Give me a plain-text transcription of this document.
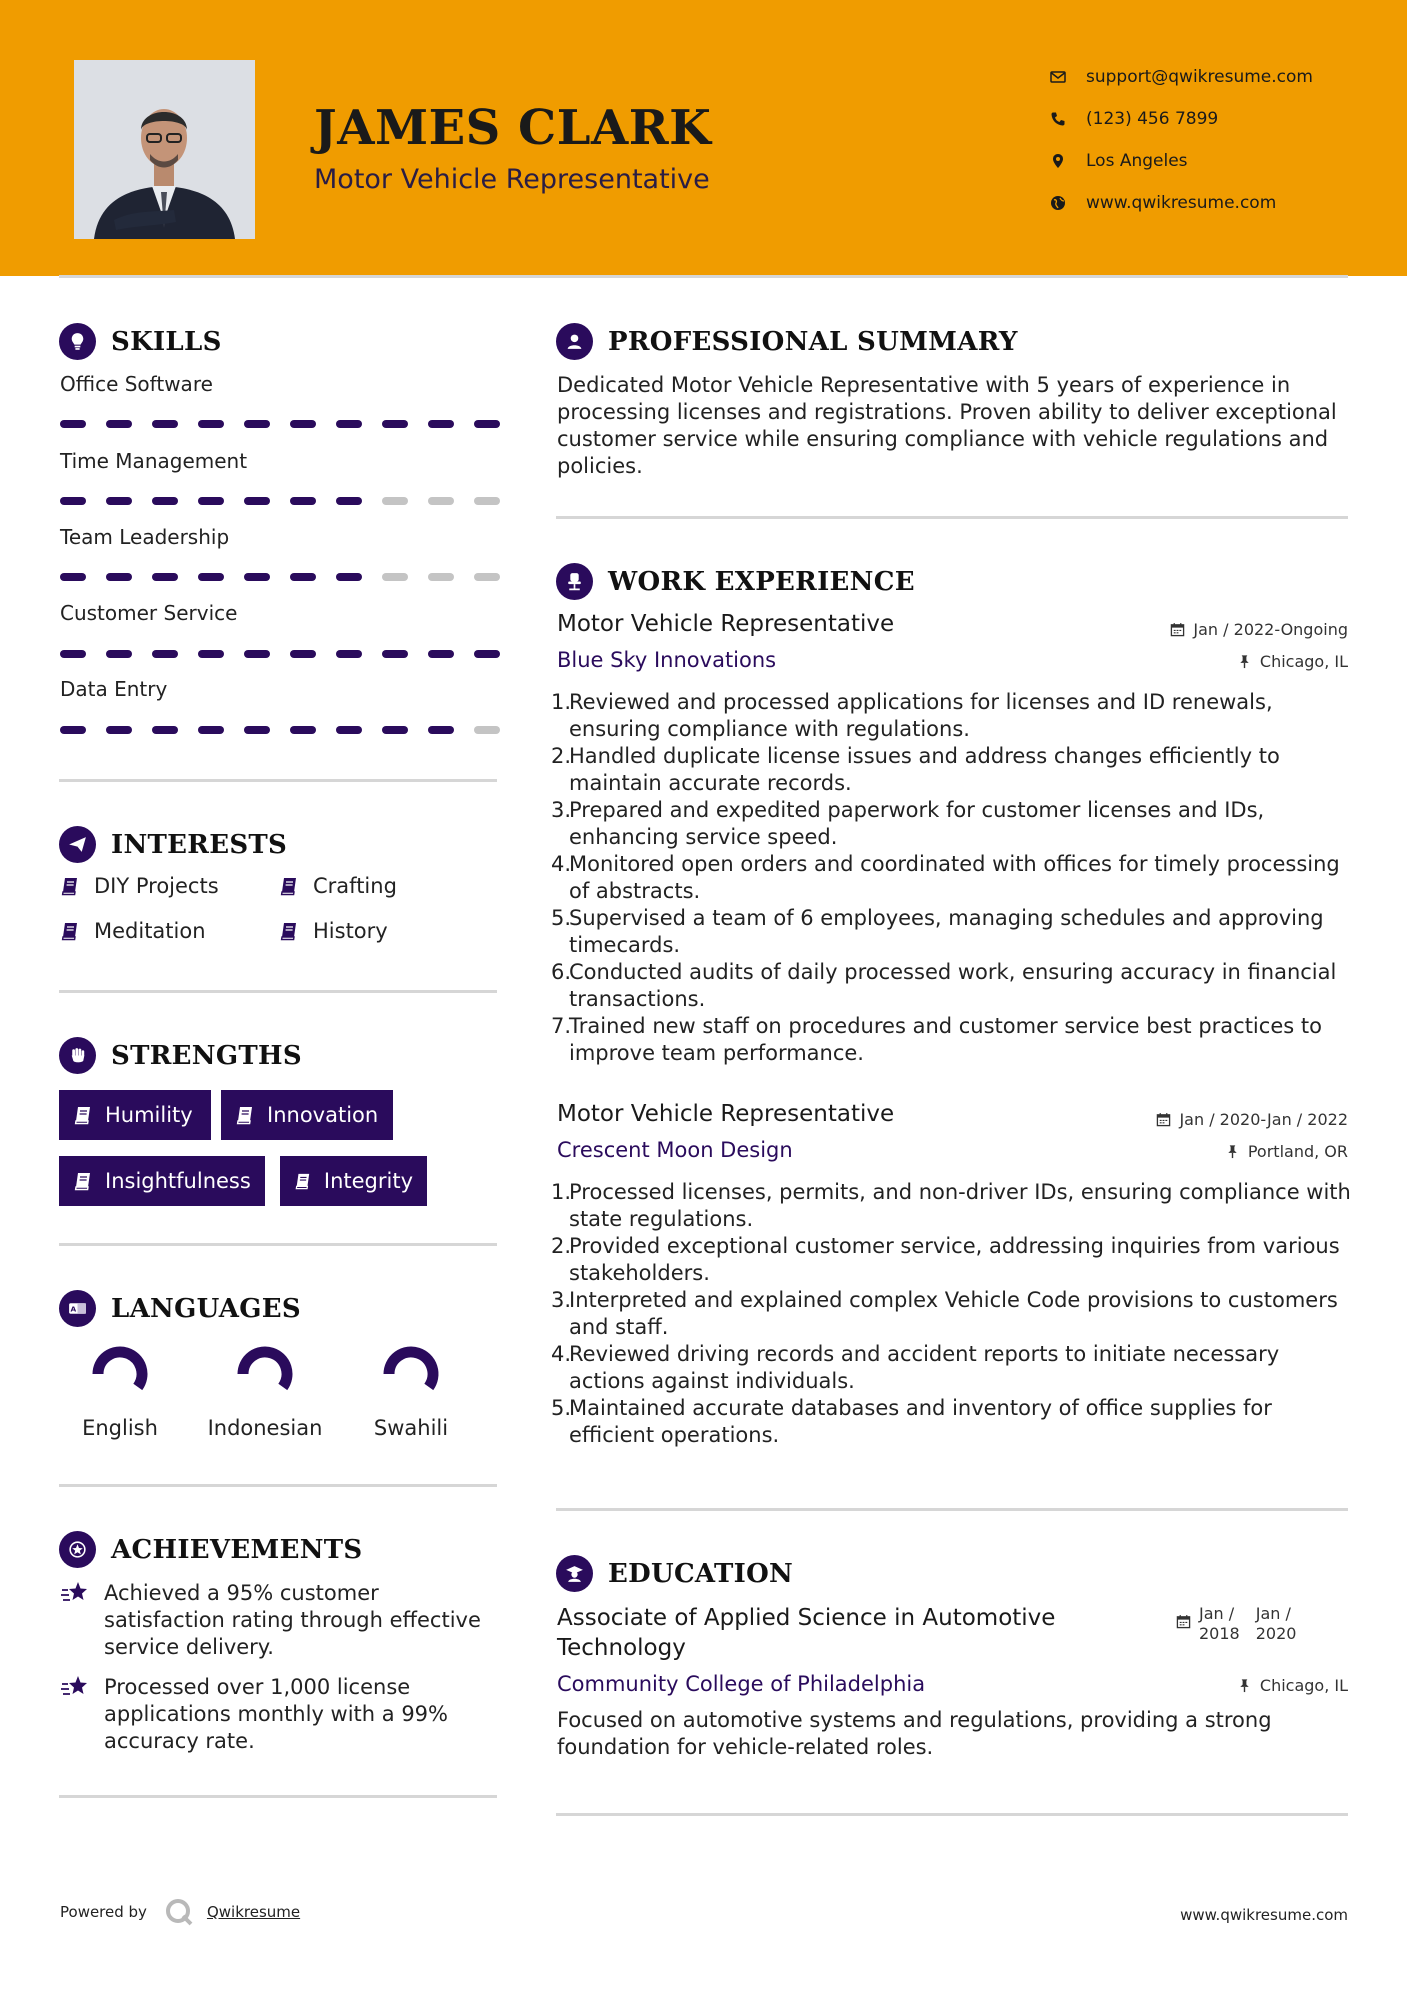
JAMES CLARK
Motor Vehicle Representative
support@qwikresume.com
(123) 456 7899
Los Angeles
www.qwikresume.com
SKILLS
Office Software
Time Management
Team Leadership
Customer Service
Data Entry
INTERESTS
DIY Projects	Crafting
Meditation	History
STRENGTHS
Humility	Innovation
Insightfulness	Integrity
A LANGUAGES
English	Indonesian	Swahili
ACHIEVEMENTS
Achieved a 95% customer satisfaction rating through effective service delivery.
Processed over 1,000 license applications monthly with a 99% accuracy rate.
PROFESSIONAL SUMMARY
Dedicated Motor Vehicle Representative with 5 years of experience in processing licenses and registrations. Proven ability to deliver exceptional customer service while ensuring compliance with vehicle regulations and policies.
WORK EXPERIENCE
Motor Vehicle Representative	Jan / 2022-Ongoing
Blue Sky Innovations	Chicago, IL
1.
Reviewed and processed applications for licenses and ID renewals, ensuring compliance with regulations.
2.
Handled duplicate license issues and address changes efficiently to maintain accurate records.
3.
Prepared and expedited paperwork for customer licenses and IDs, enhancing service speed.
4.
Monitored open orders and coordinated with offices for timely processing of abstracts.
5.
Supervised a team of 6 employees, managing schedules and approving timecards.
6.
Conducted audits of daily processed work, ensuring accuracy in financial transactions.
7.
Trained new staff on procedures and customer service best practices to improve team performance.
Motor Vehicle Representative	Jan / 2020-Jan / 2022
Crescent Moon Design	Portland, OR
1.
Processed licenses, permits, and non-driver IDs, ensuring compliance with state regulations.
2.
Provided exceptional customer service, addressing inquiries from various stakeholders.
3.
Interpreted and explained complex Vehicle Code provisions to customers and staff.
4.
Reviewed driving records and accident reports to initiate necessary actions against individuals.
5.
Maintained accurate databases and inventory of office supplies for efficient operations.
EDUCATION
Associate of Applied Science in Automotive Technology
Jan /
2018
Jan /
2020
Community College of Philadelphia	Chicago, IL
Focused on automotive systems and regulations, providing a strong foundation for vehicle-related roles.
Powered by	Qwikresume	www.qwikresume.com
